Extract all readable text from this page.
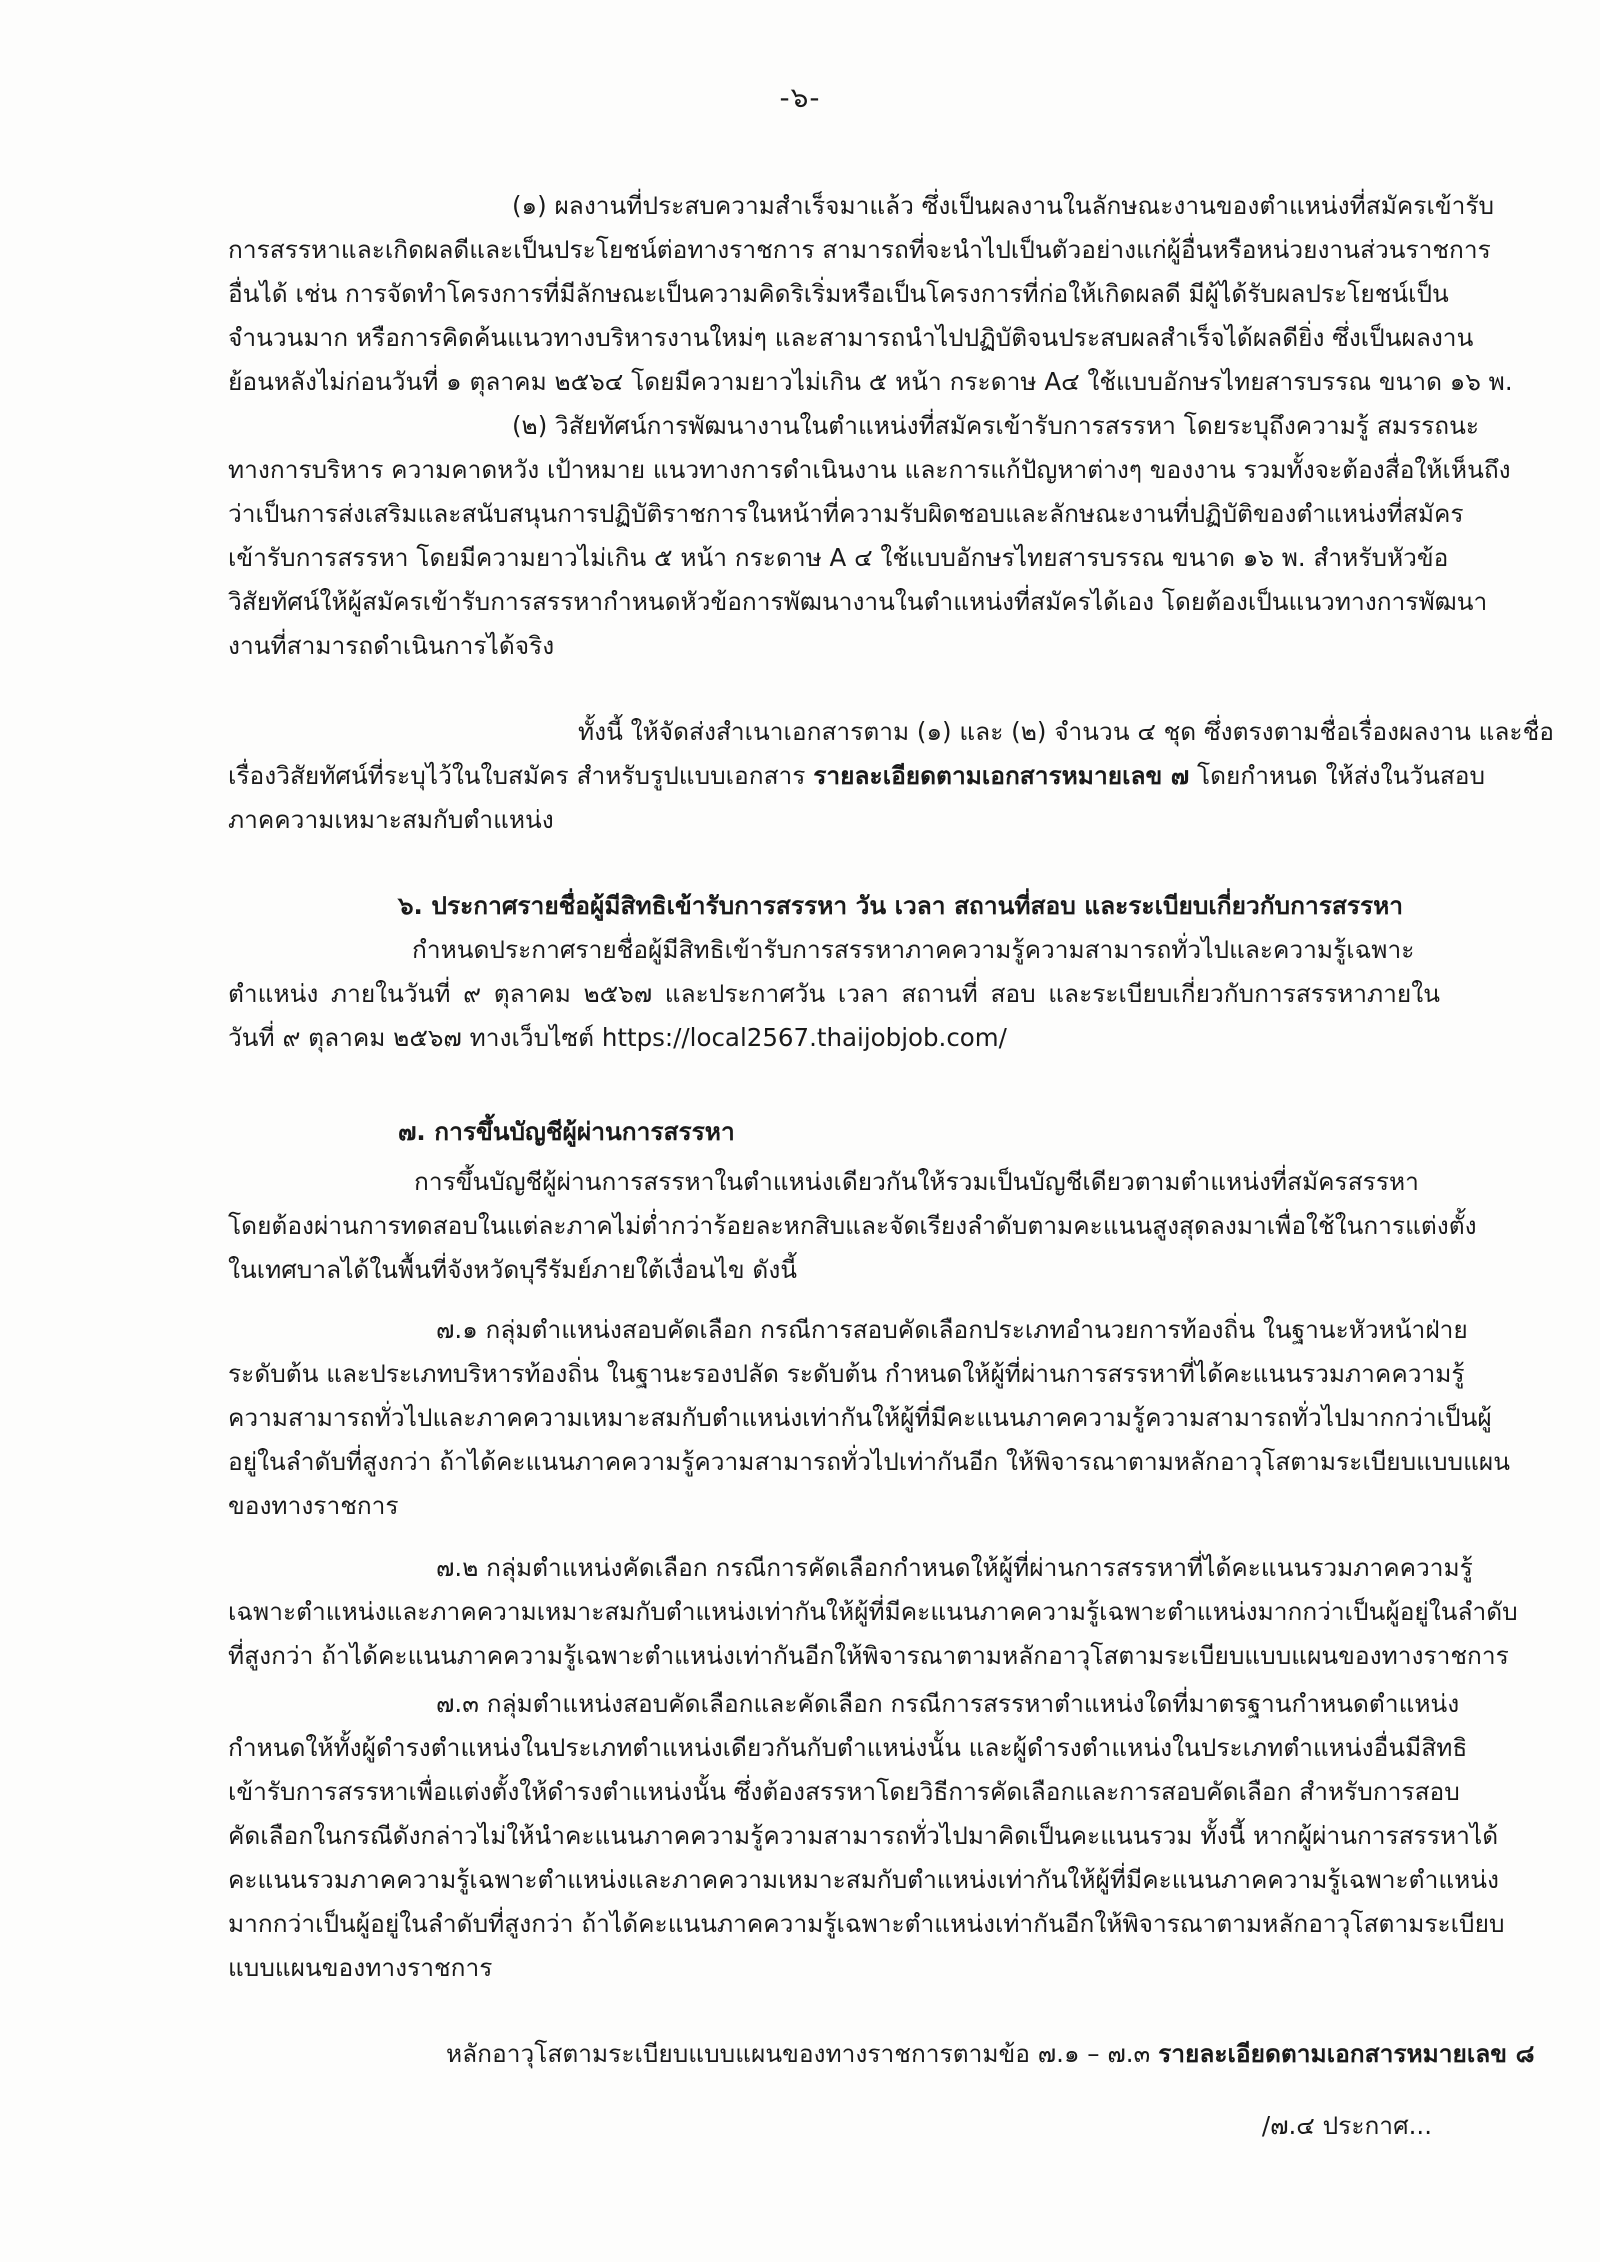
-๖-
(๑) ผลงานที่ประสบความสำเร็จมาแล้ว ซึ่งเป็นผลงานในลักษณะงานของตำแหน่งที่สมัครเข้ารับ
การสรรหาและเกิดผลดีและเป็นประโยชน์ต่อทางราชการ สามารถที่จะนำไปเป็นตัวอย่างแก่ผู้อื่นหรือหน่วยงานส่วนราชการ
อื่นได้ เช่น การจัดทำโครงการที่มีลักษณะเป็นความคิดริเริ่มหรือเป็นโครงการที่ก่อให้เกิดผลดี มีผู้ได้รับผลประโยชน์เป็น
จำนวนมาก หรือการคิดค้นแนวทางบริหารงานใหม่ๆ และสามารถนำไปปฏิบัติจนประสบผลสำเร็จได้ผลดียิ่ง ซึ่งเป็นผลงาน
ย้อนหลังไม่ก่อนวันที่ ๑ ตุลาคม ๒๕๖๔ โดยมีความยาวไม่เกิน ๕ หน้า กระดาษ A๔ ใช้แบบอักษรไทยสารบรรณ ขนาด ๑๖ พ.
(๒) วิสัยทัศน์การพัฒนางานในตำแหน่งที่สมัครเข้ารับการสรรหา โดยระบุถึงความรู้ สมรรถนะ
ทางการบริหาร ความคาดหวัง เป้าหมาย แนวทางการดำเนินงาน และการแก้ปัญหาต่างๆ ของงาน รวมทั้งจะต้องสื่อให้เห็นถึง
ว่าเป็นการส่งเสริมและสนับสนุนการปฏิบัติราชการในหน้าที่ความรับผิดชอบและลักษณะงานที่ปฏิบัติของตำแหน่งที่สมัคร
เข้ารับการสรรหา โดยมีความยาวไม่เกิน ๕ หน้า กระดาษ A ๔ ใช้แบบอักษรไทยสารบรรณ ขนาด ๑๖ พ. สำหรับหัวข้อ
วิสัยทัศน์ให้ผู้สมัครเข้ารับการสรรหากำหนดหัวข้อการพัฒนางานในตำแหน่งที่สมัครได้เอง โดยต้องเป็นแนวทางการพัฒนา
งานที่สามารถดำเนินการได้จริง
ทั้งนี้ ให้จัดส่งสำเนาเอกสารตาม (๑) และ (๒) จำนวน ๔ ชุด ซึ่งตรงตามชื่อเรื่องผลงาน และชื่อ
เรื่องวิสัยทัศน์ที่ระบุไว้ในใบสมัคร สำหรับรูปแบบเอกสาร รายละเอียดตามเอกสารหมายเลข ๗ โดยกำหนด ให้ส่งในวันสอบ
ภาคความเหมาะสมกับตำแหน่ง
๖. ประกาศรายชื่อผู้มีสิทธิเข้ารับการสรรหา วัน เวลา สถานที่สอบ และระเบียบเกี่ยวกับการสรรหา
กำหนดประกาศรายชื่อผู้มีสิทธิเข้ารับการสรรหาภาคความรู้ความสามารถทั่วไปและความรู้เฉพาะ
ตำแหน่ง ภายในวันที่ ๙ ตุลาคม ๒๕๖๗ และประกาศวัน เวลา สถานที่ สอบ และระเบียบเกี่ยวกับการสรรหาภายใน
วันที่ ๙ ตุลาคม ๒๕๖๗ ทางเว็บไซต์ https://local2567.thaijobjob.com/
๗. การขึ้นบัญชีผู้ผ่านการสรรหา
การขึ้นบัญชีผู้ผ่านการสรรหาในตำแหน่งเดียวกันให้รวมเป็นบัญชีเดียวตามตำแหน่งที่สมัครสรรหา
โดยต้องผ่านการทดสอบในแต่ละภาคไม่ต่ำกว่าร้อยละหกสิบและจัดเรียงลำดับตามคะแนนสูงสุดลงมาเพื่อใช้ในการแต่งตั้ง
ในเทศบาลได้ในพื้นที่จังหวัดบุรีรัมย์ภายใต้เงื่อนไข ดังนี้
๗.๑ กลุ่มตำแหน่งสอบคัดเลือก กรณีการสอบคัดเลือกประเภทอำนวยการท้องถิ่น ในฐานะหัวหน้าฝ่าย
ระดับต้น และประเภทบริหารท้องถิ่น ในฐานะรองปลัด ระดับต้น กำหนดให้ผู้ที่ผ่านการสรรหาที่ได้คะแนนรวมภาคความรู้
ความสามารถทั่วไปและภาคความเหมาะสมกับตำแหน่งเท่ากันให้ผู้ที่มีคะแนนภาคความรู้ความสามารถทั่วไปมากกว่าเป็นผู้
อยู่ในลำดับที่สูงกว่า ถ้าได้คะแนนภาคความรู้ความสามารถทั่วไปเท่ากันอีก ให้พิจารณาตามหลักอาวุโสตามระเบียบแบบแผน
ของทางราชการ
๗.๒ กลุ่มตำแหน่งคัดเลือก กรณีการคัดเลือกกำหนดให้ผู้ที่ผ่านการสรรหาที่ได้คะแนนรวมภาคความรู้
เฉพาะตำแหน่งและภาคความเหมาะสมกับตำแหน่งเท่ากันให้ผู้ที่มีคะแนนภาคความรู้เฉพาะตำแหน่งมากกว่าเป็นผู้อยู่ในลำดับ
ที่สูงกว่า ถ้าได้คะแนนภาคความรู้เฉพาะตำแหน่งเท่ากันอีกให้พิจารณาตามหลักอาวุโสตามระเบียบแบบแผนของทางราชการ
๗.๓ กลุ่มตำแหน่งสอบคัดเลือกและคัดเลือก กรณีการสรรหาตำแหน่งใดที่มาตรฐานกำหนดตำแหน่ง
กำหนดให้ทั้งผู้ดำรงตำแหน่งในประเภทตำแหน่งเดียวกันกับตำแหน่งนั้น และผู้ดำรงตำแหน่งในประเภทตำแหน่งอื่นมีสิทธิ
เข้ารับการสรรหาเพื่อแต่งตั้งให้ดำรงตำแหน่งนั้น ซึ่งต้องสรรหาโดยวิธีการคัดเลือกและการสอบคัดเลือก สำหรับการสอบ
คัดเลือกในกรณีดังกล่าวไม่ให้นำคะแนนภาคความรู้ความสามารถทั่วไปมาคิดเป็นคะแนนรวม ทั้งนี้ หากผู้ผ่านการสรรหาได้
คะแนนรวมภาคความรู้เฉพาะตำแหน่งและภาคความเหมาะสมกับตำแหน่งเท่ากันให้ผู้ที่มีคะแนนภาคความรู้เฉพาะตำแหน่ง
มากกว่าเป็นผู้อยู่ในลำดับที่สูงกว่า ถ้าได้คะแนนภาคความรู้เฉพาะตำแหน่งเท่ากันอีกให้พิจารณาตามหลักอาวุโสตามระเบียบ
แบบแผนของทางราชการ
หลักอาวุโสตามระเบียบแบบแผนของทางราชการตามข้อ ๗.๑ – ๗.๓ รายละเอียดตามเอกสารหมายเลข ๘
/๗.๔ ประกาศ...
